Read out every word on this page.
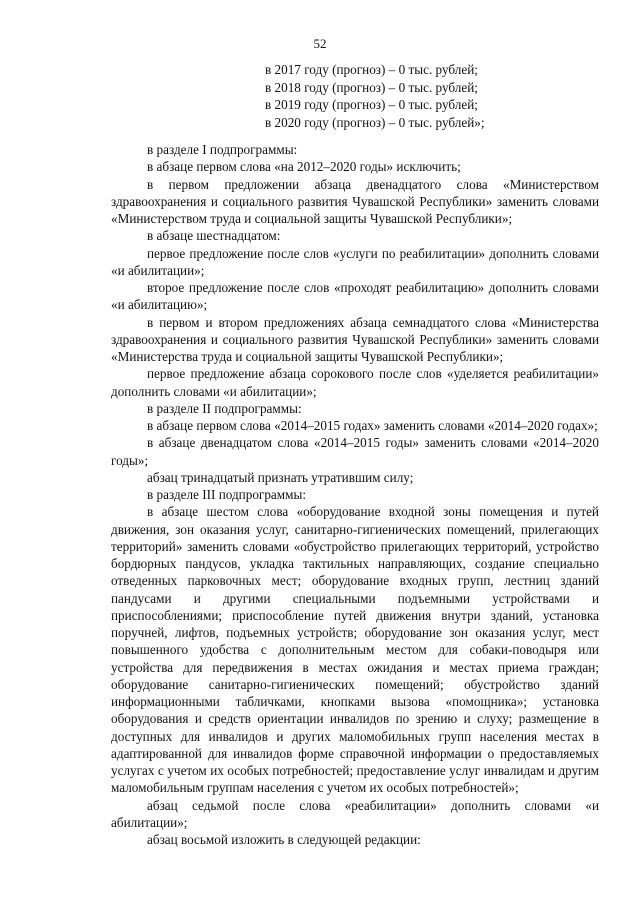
52
в 2017 году (прогноз) – 0 тыс. рублей;
в 2018 году (прогноз) – 0 тыс. рублей;
в 2019 году (прогноз) – 0 тыс. рублей;
в 2020 году (прогноз) – 0 тыс. рублей»;

в разделе I подпрограммы:

в абзаце первом слова «на 2012–2020 годы» исключить;

в первом предложении абзаца двенадцатого слова «Министерством здравоохранения и социального развития Чувашской Республики» заменить словами «Министерством труда и социальной защиты Чувашской Республики»;

в абзаце шестнадцатом:

первое предложение после слов «услуги по реабилитации» дополнить словами «и абилитации»;

второе предложение после слов «проходят реабилитацию» дополнить словами «и абилитацию»;

в первом и втором предложениях абзаца семнадцатого слова «Министерства здравоохранения и социального развития Чувашской Республики» заменить словами «Министерства труда и социальной защиты Чувашской Республики»;

первое предложение абзаца сорокового после слов «уделяется реабилитации» дополнить словами «и абилитации»;

в разделе II подпрограммы:

в абзаце первом слова «2014–2015 годах» заменить словами «2014–2020 годах»;

в абзаце двенадцатом слова «2014–2015 годы» заменить словами «2014–2020 годы»;

абзац тринадцатый признать утратившим силу;

в разделе III подпрограммы:

в абзаце шестом слова «оборудование входной зоны помещения и путей движения, зон оказания услуг, санитарно-гигиенических помещений, прилегающих территорий» заменить словами «обустройство прилегающих территорий, устройство бордюрных пандусов, укладка тактильных направляющих, создание специально отведенных парковочных мест; оборудование входных групп, лестниц зданий пандусами и другими специальными подъемными устройствами и приспособлениями; приспособление путей движения внутри зданий, установка поручней, лифтов, подъемных устройств; оборудование зон оказания услуг, мест повышенного удобства с дополнительным местом для собаки-поводыря или устройства для передвижения в местах ожидания и местах приема граждан; оборудование санитарно-гигиенических помещений; обустройство зданий информационными табличками, кнопками вызова «помощника»; установка оборудования и средств ориентации инвалидов по зрению и слуху; размещение в доступных для инвалидов и других маломобильных групп населения местах в адаптированной для инвалидов форме справочной информации о предоставляемых услугах с учетом их особых потребностей; предоставление услуг инвалидам и другим маломобильным группам населения с учетом их особых потребностей»;

абзац седьмой после слова «реабилитации» дополнить словами «и абилитации»;

абзац восьмой изложить в следующей редакции:
